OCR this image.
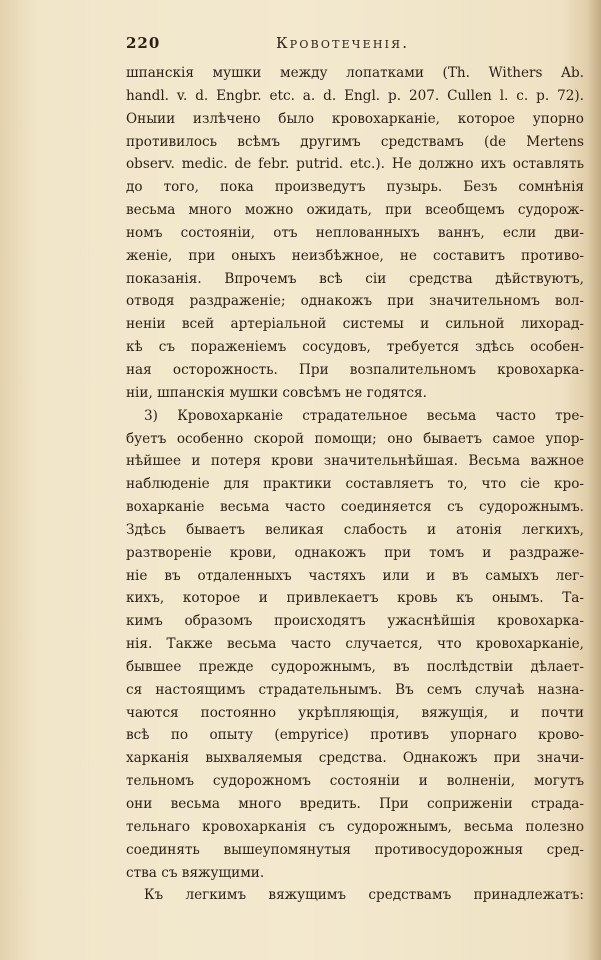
220	Кровотеченія.
шпанскія мушки между лопатками (Th. Withers Ab.
handl. v. d. Engbr. etc. a. d. Engl. p. 207. Cullen l. c. p. 72).
Оныии излѣчено было кровохарканіе, которое упорно
противилось всѣмъ другимъ средствамъ (de Mertens
observ. medic. de febr. putrid. etc.). Не должно ихъ оставлять
до того, пока произведутъ пузырь. Безъ сомнѣнія
весьма много можно ожидать, при всеобщемъ судорож-
номъ состояніи, отъ неплованныхъ ваннъ, если дви-
женіе, при оныхъ неизбѣжное, не составитъ противо-
показанія. Впрочемъ всѣ сіи средства дѣйствуютъ,
отводя раздраженіе; однакожъ при значительномъ вол-
неніи всей артеріальной системы и сильной лихорад-
кѣ съ пораженіемъ сосудовъ, требуется здѣсь особен-
ная осторожность. При возпалительномъ кровохарка-
ніи, шпанскія мушки совсѣмъ не годятся.
3) Кровохарканіе страдательное весьма часто тре-
буетъ особенно скорой помощи; оно бываетъ самое упор-
нѣйшее и потеря крови значительнѣйшая. Весьма важное
наблюденіе для практики составляетъ то, что сіе кро-
вохарканіе весьма часто соединяется съ судорожнымъ.
Здѣсь бываетъ великая слабость и атонія легкихъ,
разтвореніе крови, однакожъ при томъ и раздраже-
ніе въ отдаленныхъ частяхъ или и въ самыхъ лег-
кихъ, которое и привлекаетъ кровь къ онымъ. Та-
кимъ образомъ происходятъ ужаснѣйшія кровохарка-
нія. Также весьма часто случается, что кровохарканіе,
бывшее прежде судорожнымъ, въ послѣдствіи дѣлает-
ся настоящимъ страдательнымъ. Въ семъ случаѣ назна-
чаются постоянно укрѣпляющія, вяжущія, и почти
всѣ по опыту (empyrice) противъ упорнаго крово-
харканія выхваляемыя средства. Однакожъ при значи-
тельномъ судорожномъ состояніи и волненіи, могутъ
они весьма много вредить. При соприженіи страда-
тельнаго кровохарканія съ судорожнымъ, весьма полезно
соединять вышеупомянутыя противосудорожныя сред-
ства съ вяжущими.
Къ легкимъ вяжущимъ средствамъ принадлежатъ:
